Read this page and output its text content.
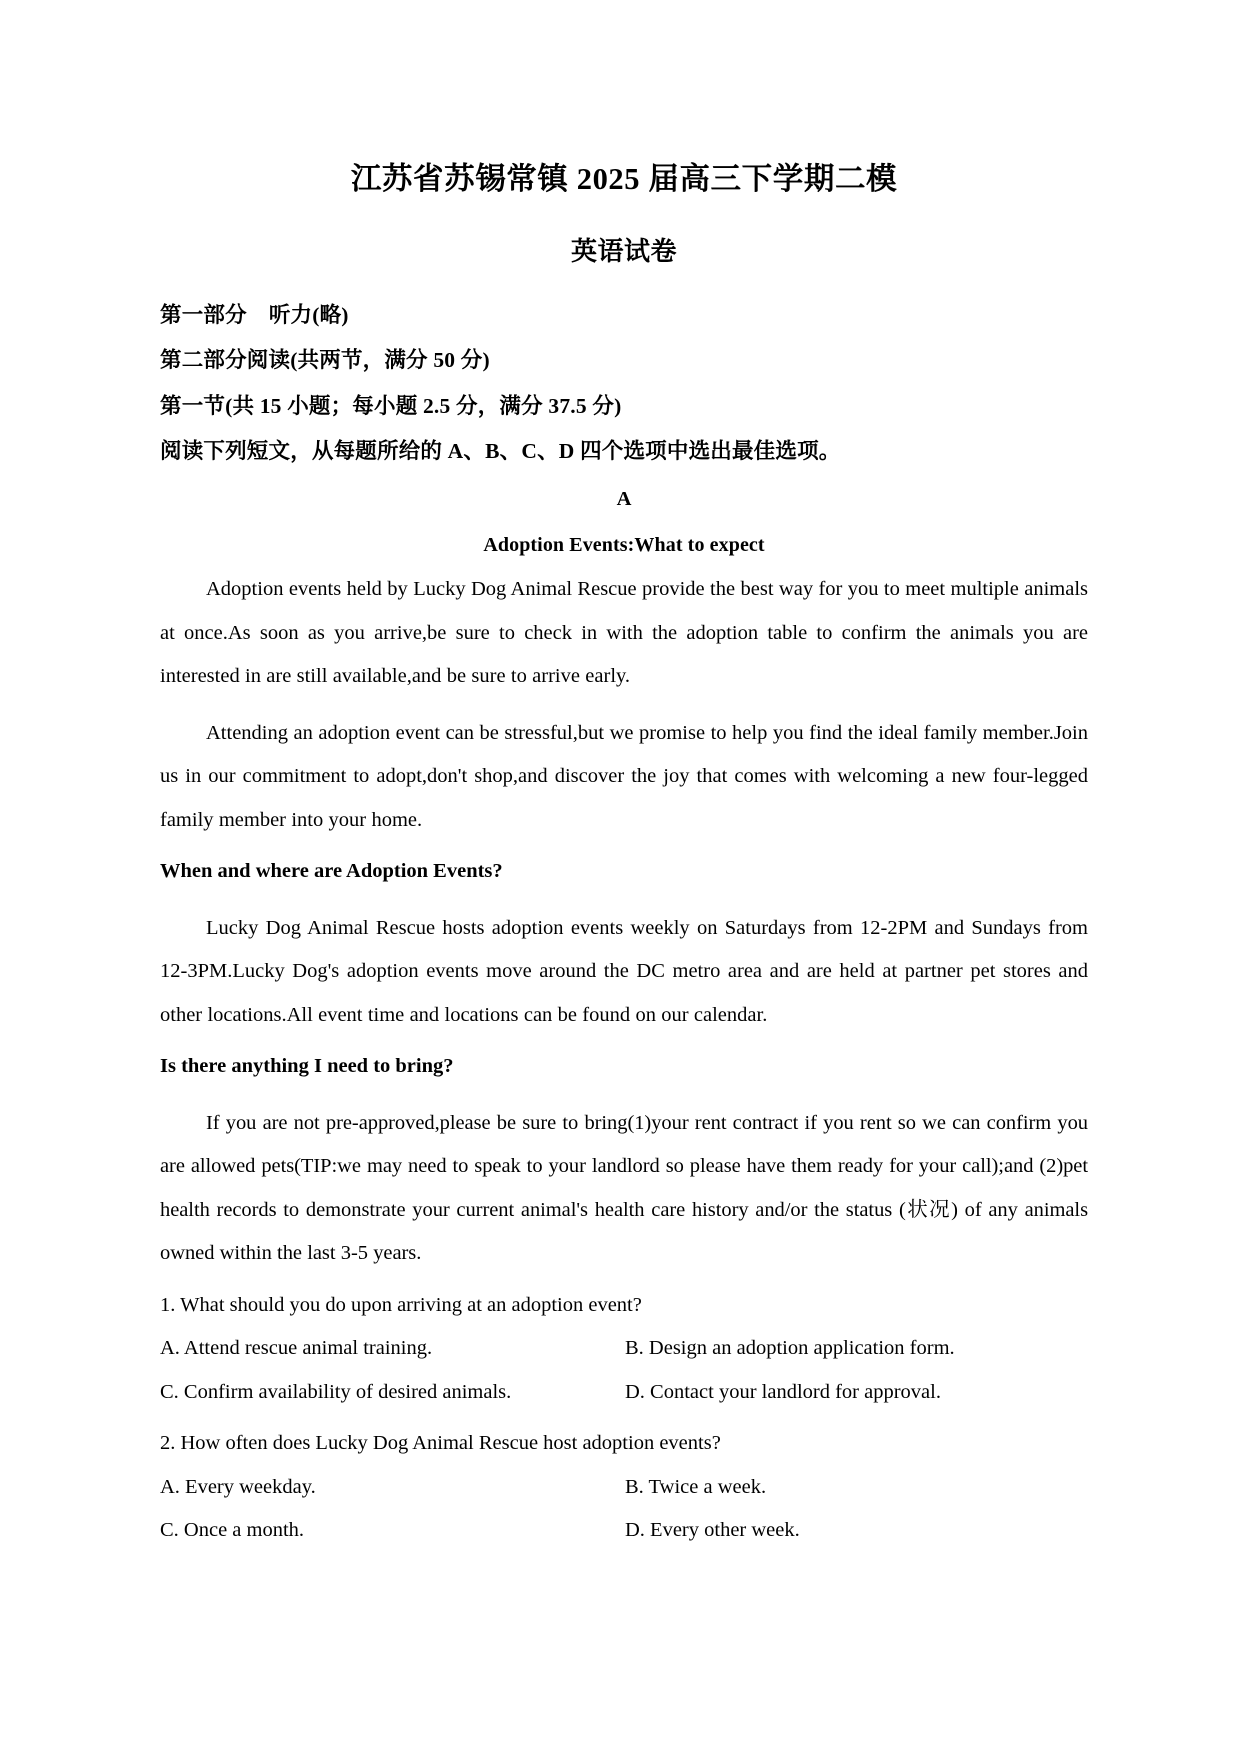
江苏省苏锡常镇 2025 届高三下学期二模
英语试卷

第一部分 听力(略)

第二部分阅读(共两节，满分 50 分)

第一节(共 15 小题；每小题 2.5 分，满分 37.5 分)

阅读下列短文，从每题所给的 A、B、C、D 四个选项中选出最佳选项。

A

Adoption Events:What to expect

Adoption events held by Lucky Dog Animal Rescue provide the best way for you to meet multiple animals at once.As soon as you arrive,be sure to check in with the adoption table to confirm the animals you are interested in are still available,and be sure to arrive early.

Attending an adoption event can be stressful,but we promise to help you find the ideal family member.Join us in our commitment to adopt,don't shop,and discover the joy that comes with welcoming a new four-legged family member into your home.

When and where are Adoption Events?

Lucky Dog Animal Rescue hosts adoption events weekly on Saturdays from 12-2PM and Sundays from 12-3PM.Lucky Dog's adoption events move around the DC metro area and are held at partner pet stores and other locations.All event time and locations can be found on our calendar.

Is there anything I need to bring?

If you are not pre-approved,please be sure to bring(1)your rent contract if you rent so we can confirm you are allowed pets(TIP:we may need to speak to your landlord so please have them ready for your call);and (2)pet health records to demonstrate your current animal's health care history and/or the status (状况) of any animals owned within the last 3-5 years.

1. What should you do upon arriving at an adoption event?

A. Attend rescue animal training.	B. Design an adoption application form.
C. Confirm availability of desired animals.	D. Contact your landlord for approval.

2. How often does Lucky Dog Animal Rescue host adoption events?

A. Every weekday.	B. Twice a week.
C. Once a month.	D. Every other week.
